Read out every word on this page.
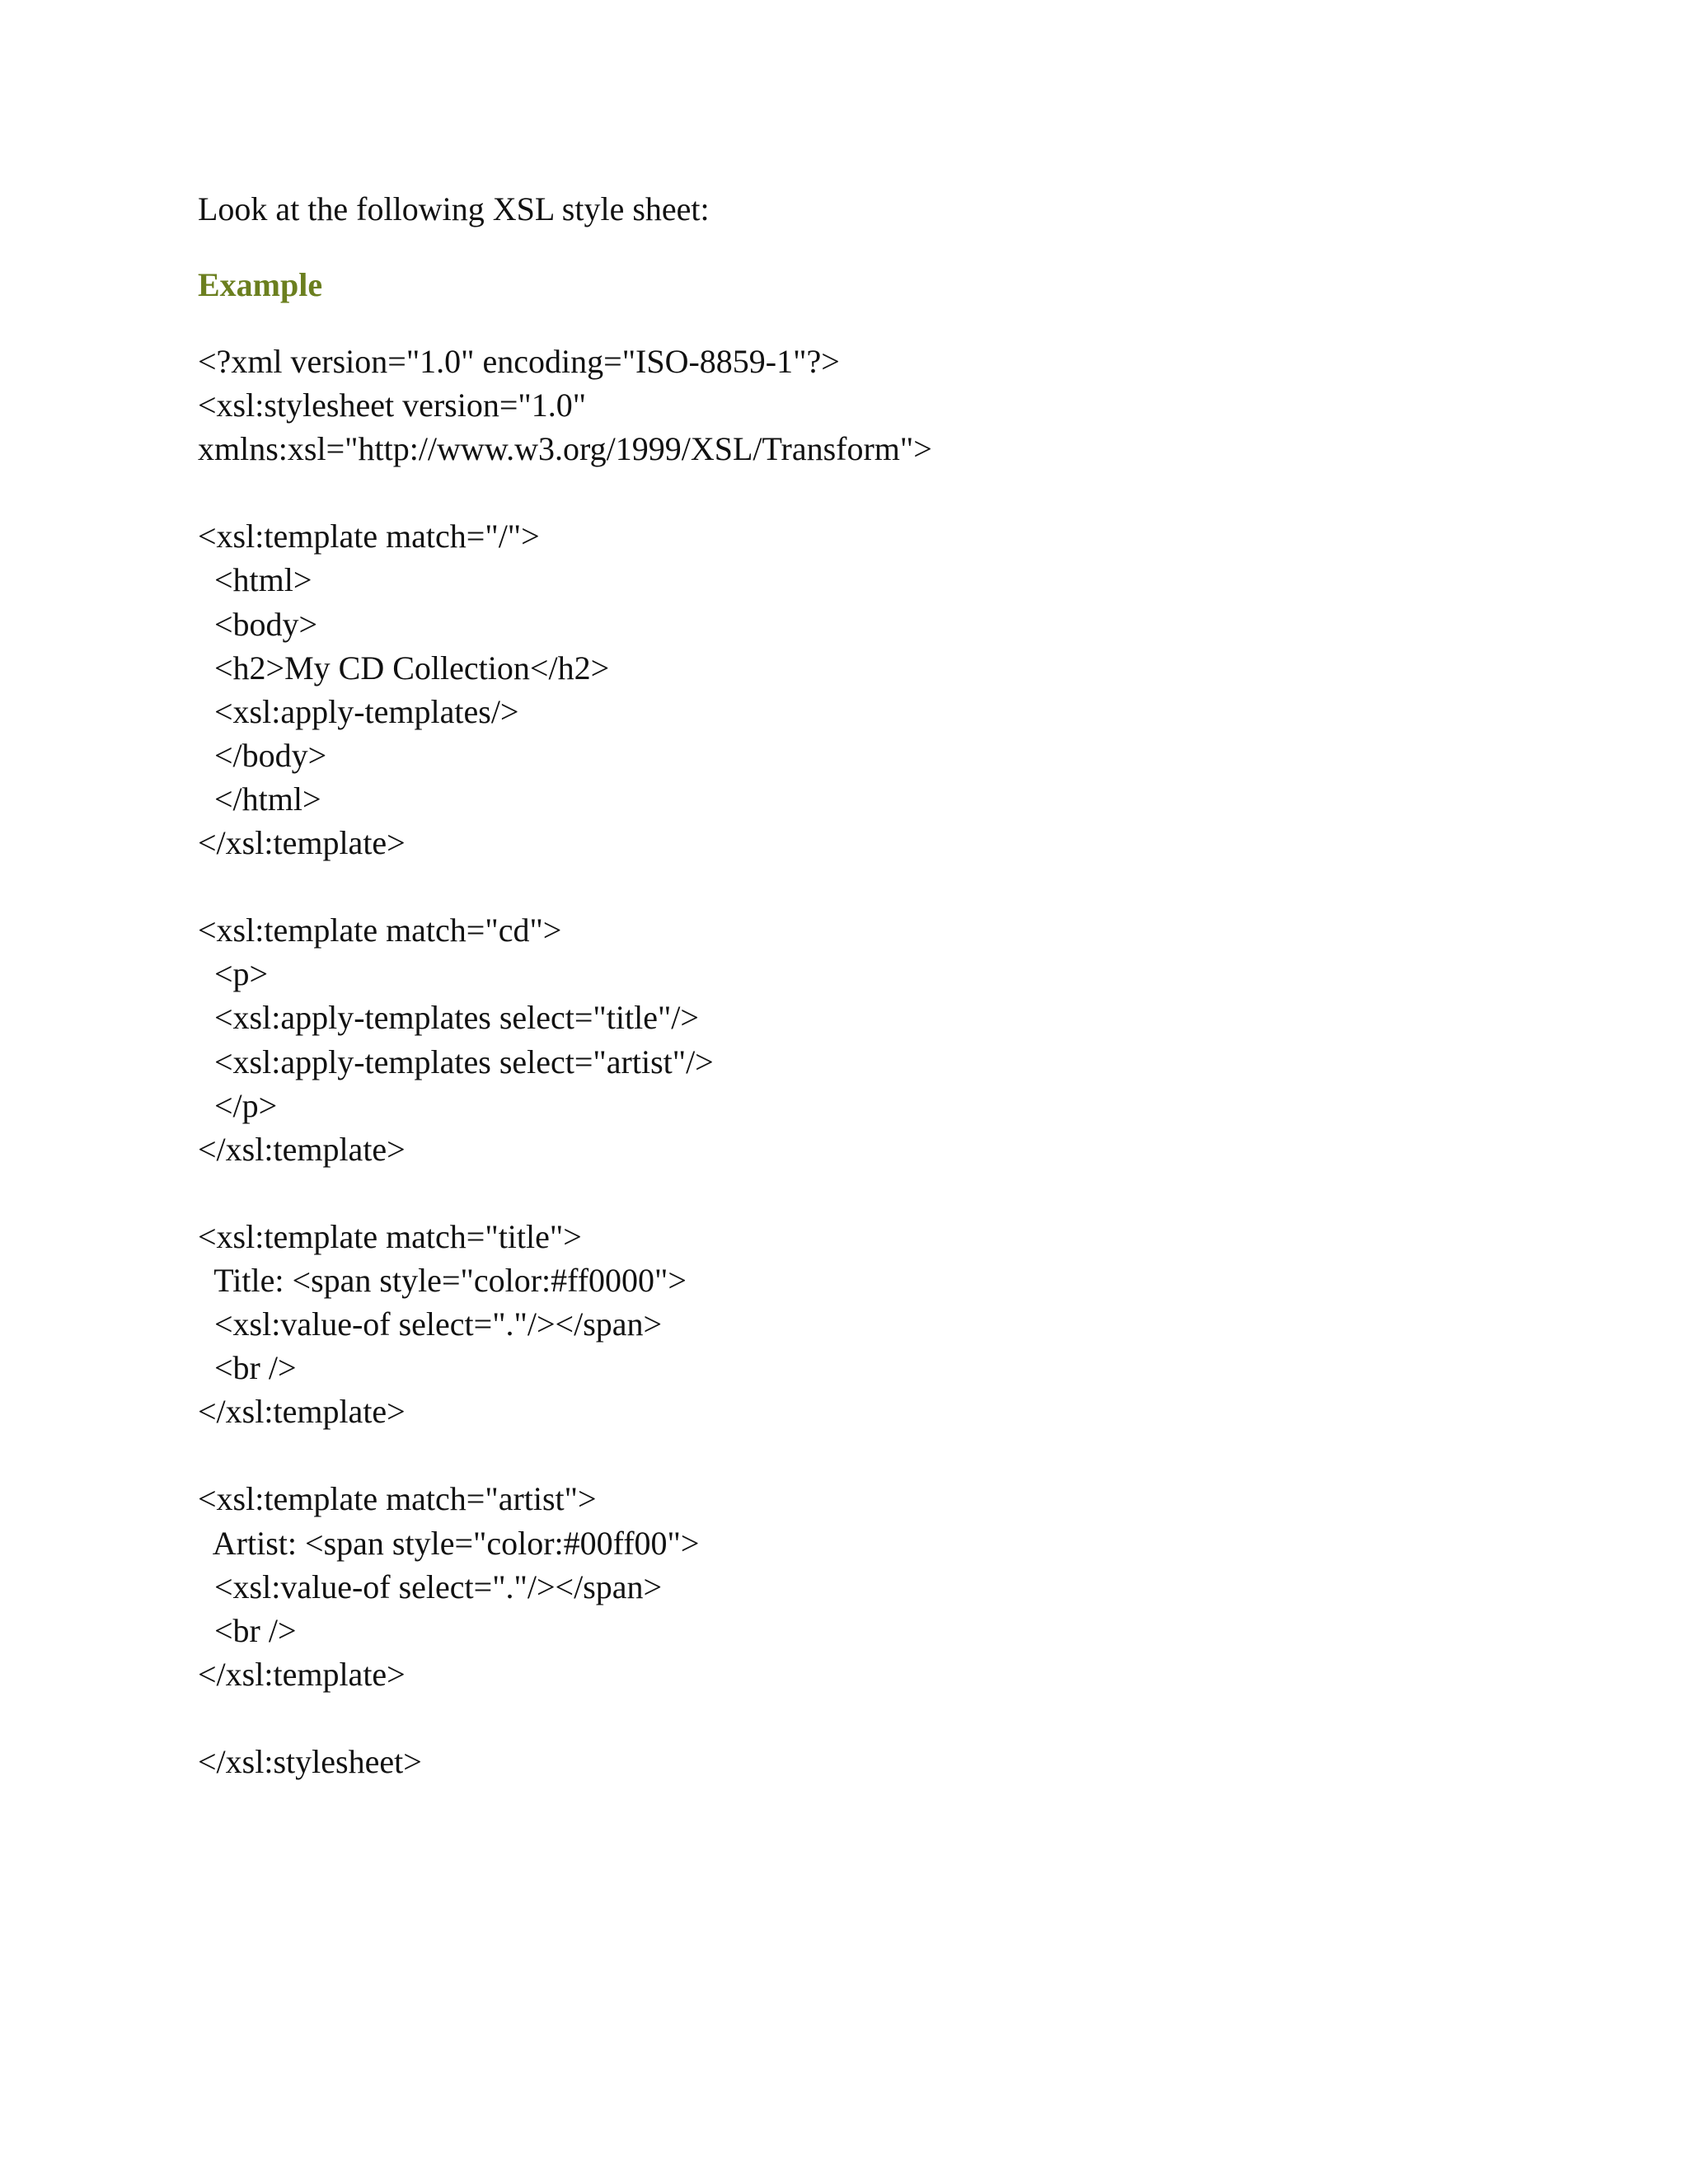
Look at the following XSL style sheet:

Example

<?xml version="1.0" encoding="ISO-8859-1"?>
<xsl:stylesheet version="1.0"
xmlns:xsl="http://www.w3.org/1999/XSL/Transform">
<xsl:template match="/">
<html>
<body>
<h2>My CD Collection</h2>
<xsl:apply-templates/>
</body>
</html>
</xsl:template>
<xsl:template match="cd">
<p>
<xsl:apply-templates select="title"/>
<xsl:apply-templates select="artist"/>
</p>
</xsl:template>
<xsl:template match="title">
Title: <span style="color:#ff0000">
<xsl:value-of select="."/></span>
<br />
</xsl:template>
<xsl:template match="artist">
Artist: <span style="color:#00ff00">
<xsl:value-of select="."/></span>
<br />
</xsl:template>
</xsl:stylesheet>
